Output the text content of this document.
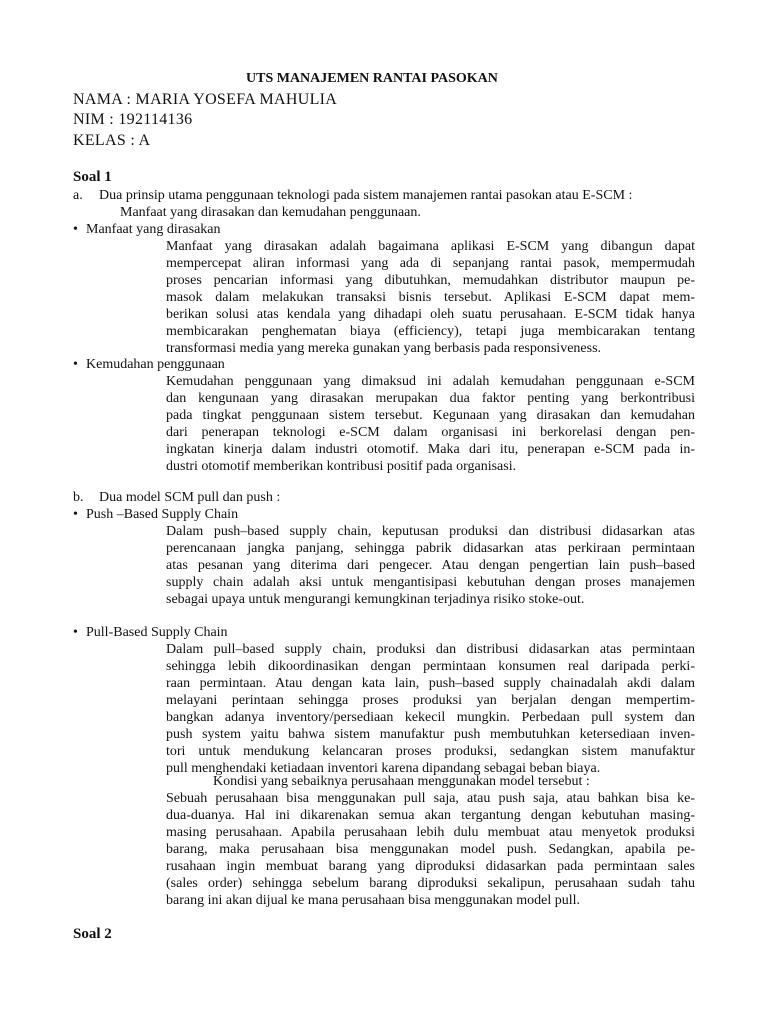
UTS MANAJEMEN RANTAI PASOKAN
NAMA : MARIA YOSEFA MAHULIA
NIM : 192114136
KELAS : A
Soal 1
a. Dua prinsip utama penggunaan teknologi pada sistem manajemen rantai pasokan atau E-SCM :
Manfaat yang dirasakan dan kemudahan penggunaan.
• Manfaat yang dirasakan
Manfaat yang dirasakan adalah bagaimana aplikasi E-SCM yang dibangun dapat
mempercepat aliran informasi yang ada di sepanjang rantai pasok, mempermudah
proses pencarian informasi yang dibutuhkan, memudahkan distributor maupun pe-
masok dalam melakukan transaksi bisnis tersebut. Aplikasi E-SCM dapat mem-
berikan solusi atas kendala yang dihadapi oleh suatu perusahaan. E-SCM tidak hanya
membicarakan penghematan biaya (efficiency), tetapi juga membicarakan tentang
transformasi media yang mereka gunakan yang berbasis pada responsiveness.
• Kemudahan penggunaan
Kemudahan penggunaan yang dimaksud ini adalah kemudahan penggunaan e-SCM
dan kengunaan yang dirasakan merupakan dua faktor penting yang berkontribusi
pada tingkat penggunaan sistem tersebut. Kegunaan yang dirasakan dan kemudahan
dari penerapan teknologi e-SCM dalam organisasi ini berkorelasi dengan pen-
ingkatan kinerja dalam industri otomotif. Maka dari itu, penerapan e-SCM pada in-
dustri otomotif memberikan kontribusi positif pada organisasi.
b. Dua model SCM pull dan push :
• Push –Based Supply Chain
Dalam push–based supply chain, keputusan produksi dan distribusi didasarkan atas
perencanaan jangka panjang, sehingga pabrik didasarkan atas perkiraan permintaan
atas pesanan yang diterima dari pengecer. Atau dengan pengertian lain push–based
supply chain adalah aksi untuk mengantisipasi kebutuhan dengan proses manajemen
sebagai upaya untuk mengurangi kemungkinan terjadinya risiko stoke-out.
• Pull-Based Supply Chain
Dalam pull–based supply chain, produksi dan distribusi didasarkan atas permintaan
sehingga lebih dikoordinasikan dengan permintaan konsumen real daripada perki-
raan permintaan. Atau dengan kata lain, push–based supply chainadalah akdi dalam
melayani perintaan sehingga proses produksi yan berjalan dengan mempertim-
bangkan adanya inventory/persediaan kekecil mungkin. Perbedaan pull system dan
push system yaitu bahwa sistem manufaktur push membutuhkan ketersediaan inven-
tori untuk mendukung kelancaran proses produksi, sedangkan sistem manufaktur
pull menghendaki ketiadaan inventori karena dipandang sebagai beban biaya.
Kondisi yang sebaiknya perusahaan menggunakan model tersebut :
Sebuah perusahaan bisa menggunakan pull saja, atau push saja, atau bahkan bisa ke-
dua-duanya. Hal ini dikarenakan semua akan tergantung dengan kebutuhan masing-
masing perusahaan. Apabila perusahaan lebih dulu membuat atau menyetok produksi
barang, maka perusahaan bisa menggunakan model push. Sedangkan, apabila pe-
rusahaan ingin membuat barang yang diproduksi didasarkan pada permintaan sales
(sales order) sehingga sebelum barang diproduksi sekalipun, perusahaan sudah tahu
barang ini akan dijual ke mana perusahaan bisa menggunakan model pull.
Soal 2
